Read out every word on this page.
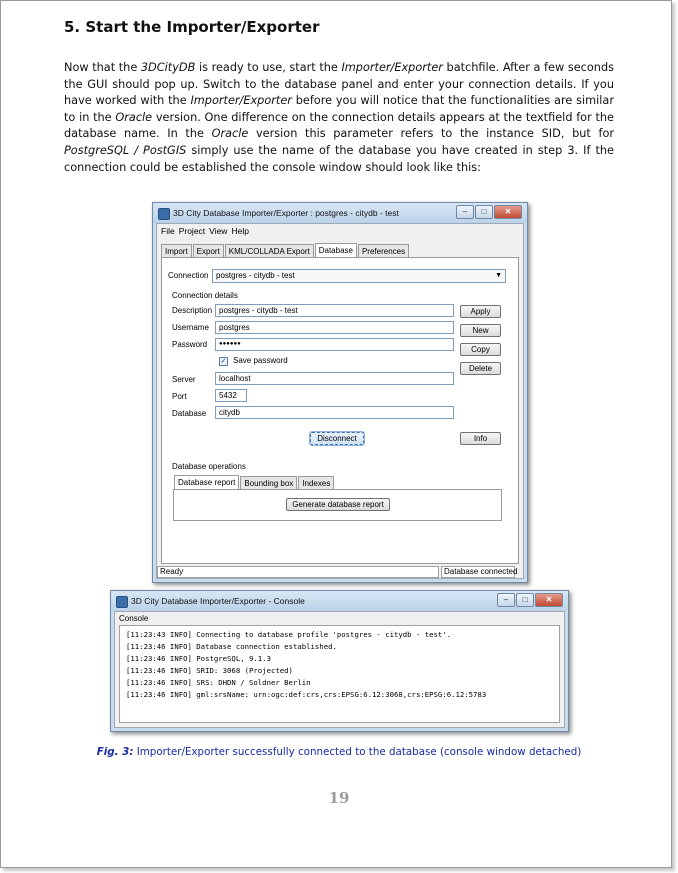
5. Start the Importer/Exporter

Now that the 3DCityDB is ready to use, start the Importer/Exporter batchfile. After a few seconds the GUI should pop up. Switch to the database panel and enter your connection details. If you have worked with the Importer/Exporter before you will notice that the functionalities are similar to in the Oracle version. One difference on the connection details appears at the textfield for the database name. In the Oracle version this parameter refers to the instance SID, but for PostgreSQL / PostGIS simply use the name of the database you have created in step 3. If the connection could be established the console window should look like this:

3D City Database Importer/Exporter : postgres - citydb - test	–	□	✕
File Project View Help
Import	Export	KML/COLLADA Export	Database	Preferences
Connection postgres - citydb - test	▼
Connection details
Description postgres - citydb - test
Username	postgres
Password	●●●●●●
✓ Save password
Server	localhost
Port	5432
Database	citydb
Apply
New
Copy
Delete
Disconnect	Info
Database operations
Database report	Bounding box	Indexes
Generate database report
Ready	Database connected
3D City Database Importer/Exporter - Console	–	□	✕
Console
[11:23:43 INFO] Connecting to database profile 'postgres - citydb - test'.
[11:23:46 INFO] Database connection established.
[11:23:46 INFO] PostgreSQL, 9.1.3
[11:23:46 INFO] SRID: 3068 (Projected)
[11:23:46 INFO] SRS: DHDN / Soldner Berlin
[11:23:46 INFO] gml:srsName: urn:ogc:def:crs,crs:EPSG:6.12:3068,crs:EPSG:6.12:5783
Fig. 3: Importer/Exporter successfully connected to the database (console window detached)
19
